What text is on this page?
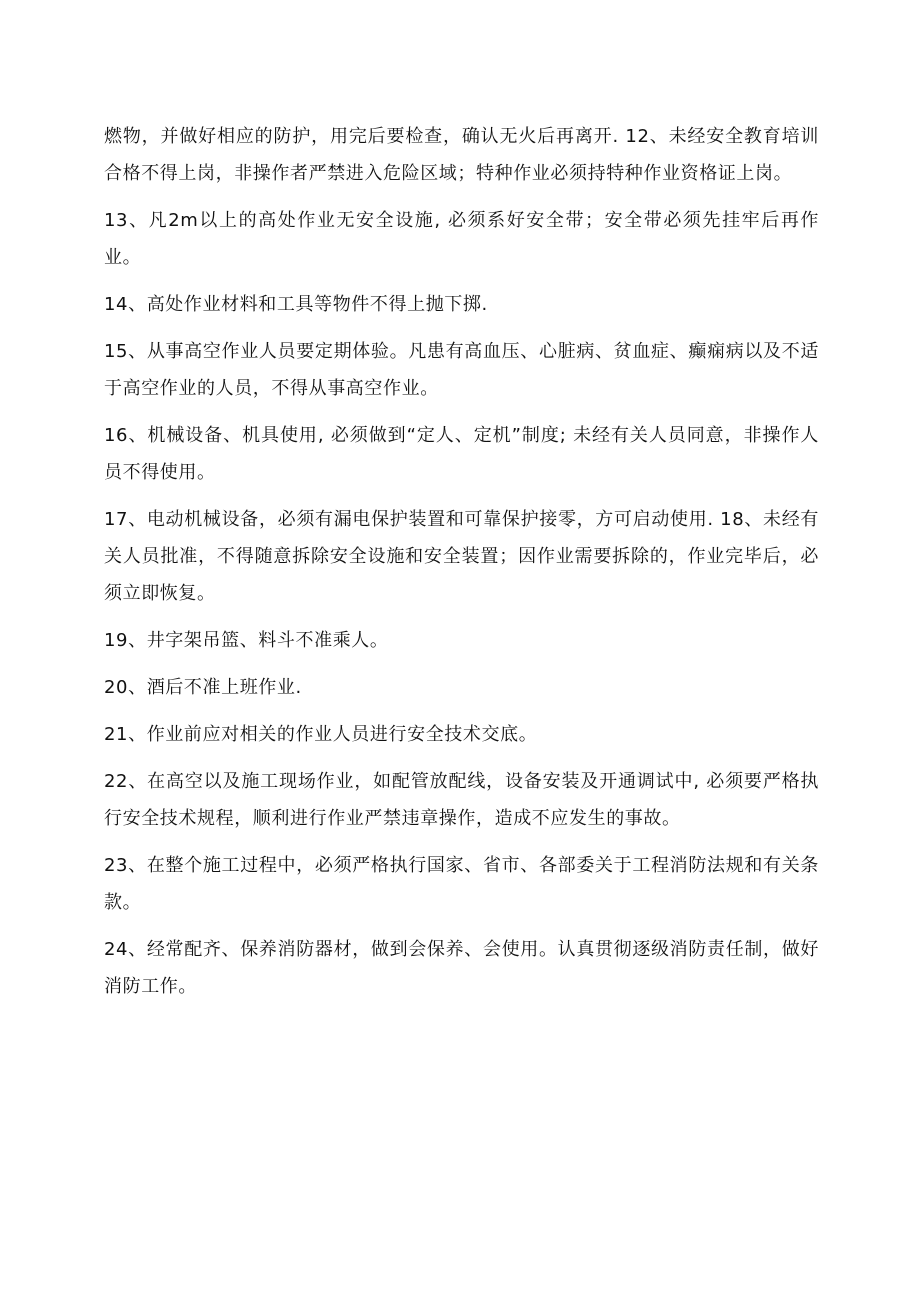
燃物，并做好相应的防护，用完后要检查，确认无火后再离开. 12、未经安全教育培训合格不得上岗，非操作者严禁进入危险区域；特种作业必须持特种作业资格证上岗。

13、凡2m以上的高处作业无安全设施, 必须系好安全带；安全带必须先挂牢后再作业。

14、高处作业材料和工具等物件不得上抛下掷.

15、从事高空作业人员要定期体验。凡患有高血压、心脏病、贫血症、癫痫病以及不适于高空作业的人员，不得从事高空作业。

16、机械设备、机具使用, 必须做到“定人、定机”制度; 未经有关人员同意，非操作人员不得使用。

17、电动机械设备，必须有漏电保护装置和可靠保护接零，方可启动使用. 18、未经有关人员批准，不得随意拆除安全设施和安全装置；因作业需要拆除的，作业完毕后，必须立即恢复。

19、井字架吊篮、料斗不准乘人。

20、酒后不准上班作业.

21、作业前应对相关的作业人员进行安全技术交底。

22、在高空以及施工现场作业，如配管放配线，设备安装及开通调试中, 必须要严格执行安全技术规程，顺利进行作业严禁违章操作，造成不应发生的事故。

23、在整个施工过程中，必须严格执行国家、省市、各部委关于工程消防法规和有关条款。

24、经常配齐、保养消防器材，做到会保养、会使用。认真贯彻逐级消防责任制，做好消防工作。
